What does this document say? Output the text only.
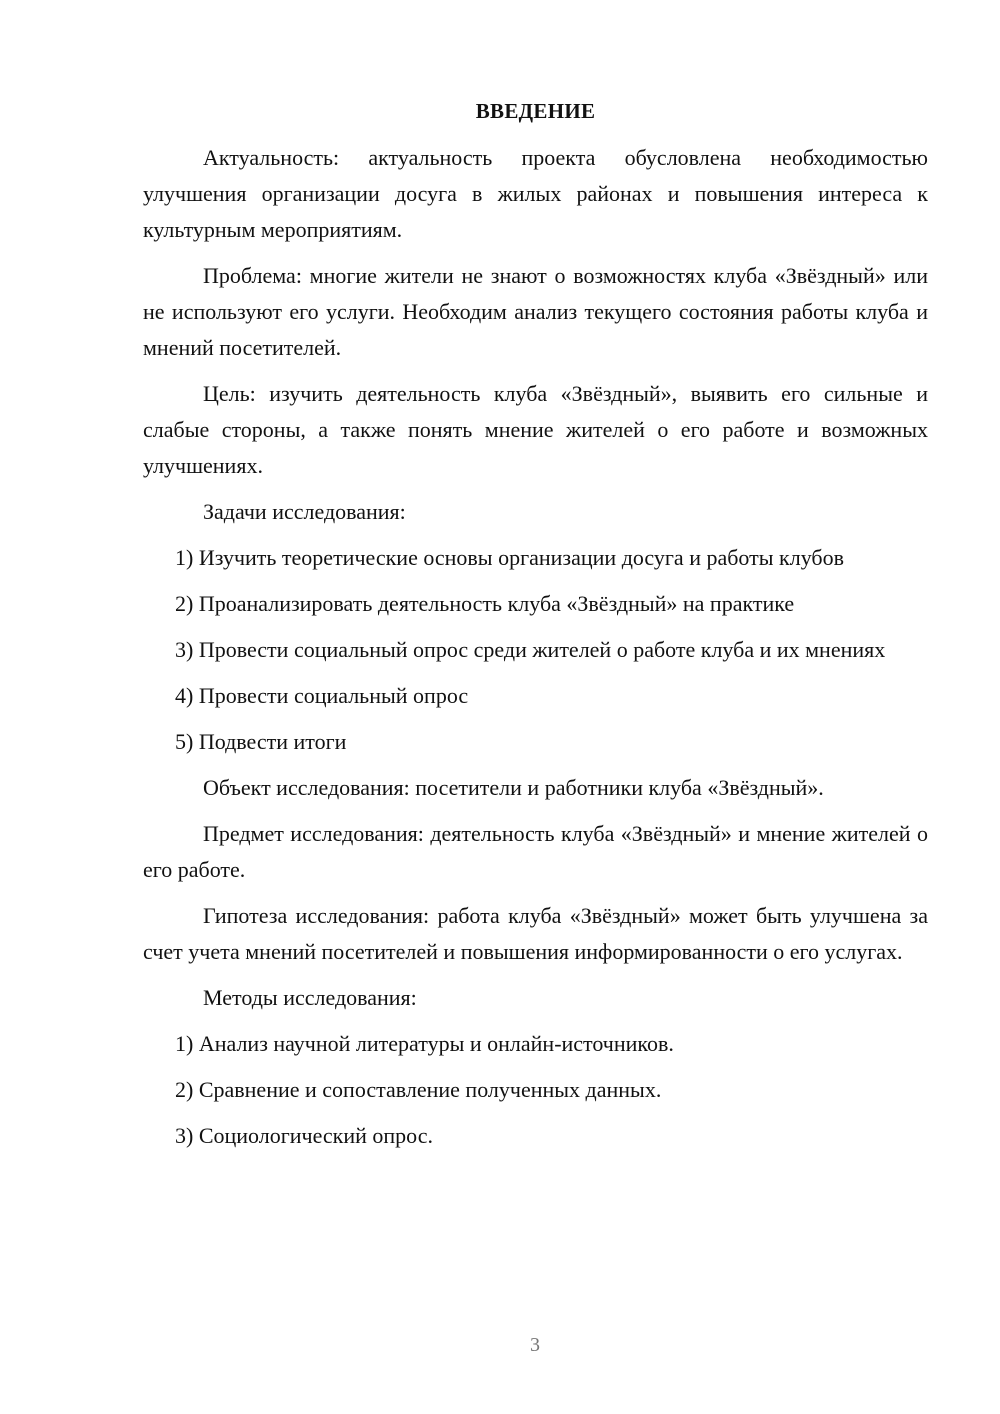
ВВЕДЕНИЕ
Актуальность: актуальность проекта обусловлена необходимостью улучшения организации досуга в жилых районах и повышения интереса к культурным мероприятиям.
Проблема: многие жители не знают о возможностях клуба «Звёздный» или не используют его услуги. Необходим анализ текущего состояния работы клуба и мнений посетителей.
Цель: изучить деятельность клуба «Звёздный», выявить его сильные и слабые стороны, а также понять мнение жителей о его работе и возможных улучшениях.
Задачи исследования:
1) Изучить теоретические основы организации досуга и работы клубов
2) Проанализировать деятельность клуба «Звёздный» на практике
3) Провести социальный опрос среди жителей о работе клуба и их мнениях
4) Провести социальный опрос
5) Подвести итоги
Объект исследования: посетители и работники клуба «Звёздный».
Предмет исследования: деятельность клуба «Звёздный» и мнение жителей о его работе.
Гипотеза исследования: работа клуба «Звёздный» может быть улучшена за счет учета мнений посетителей и повышения информированности о его услугах.
Методы исследования:
1) Анализ научной литературы и онлайн-источников.
2) Сравнение и сопоставление полученных данных.
3) Социологический опрос.
3
